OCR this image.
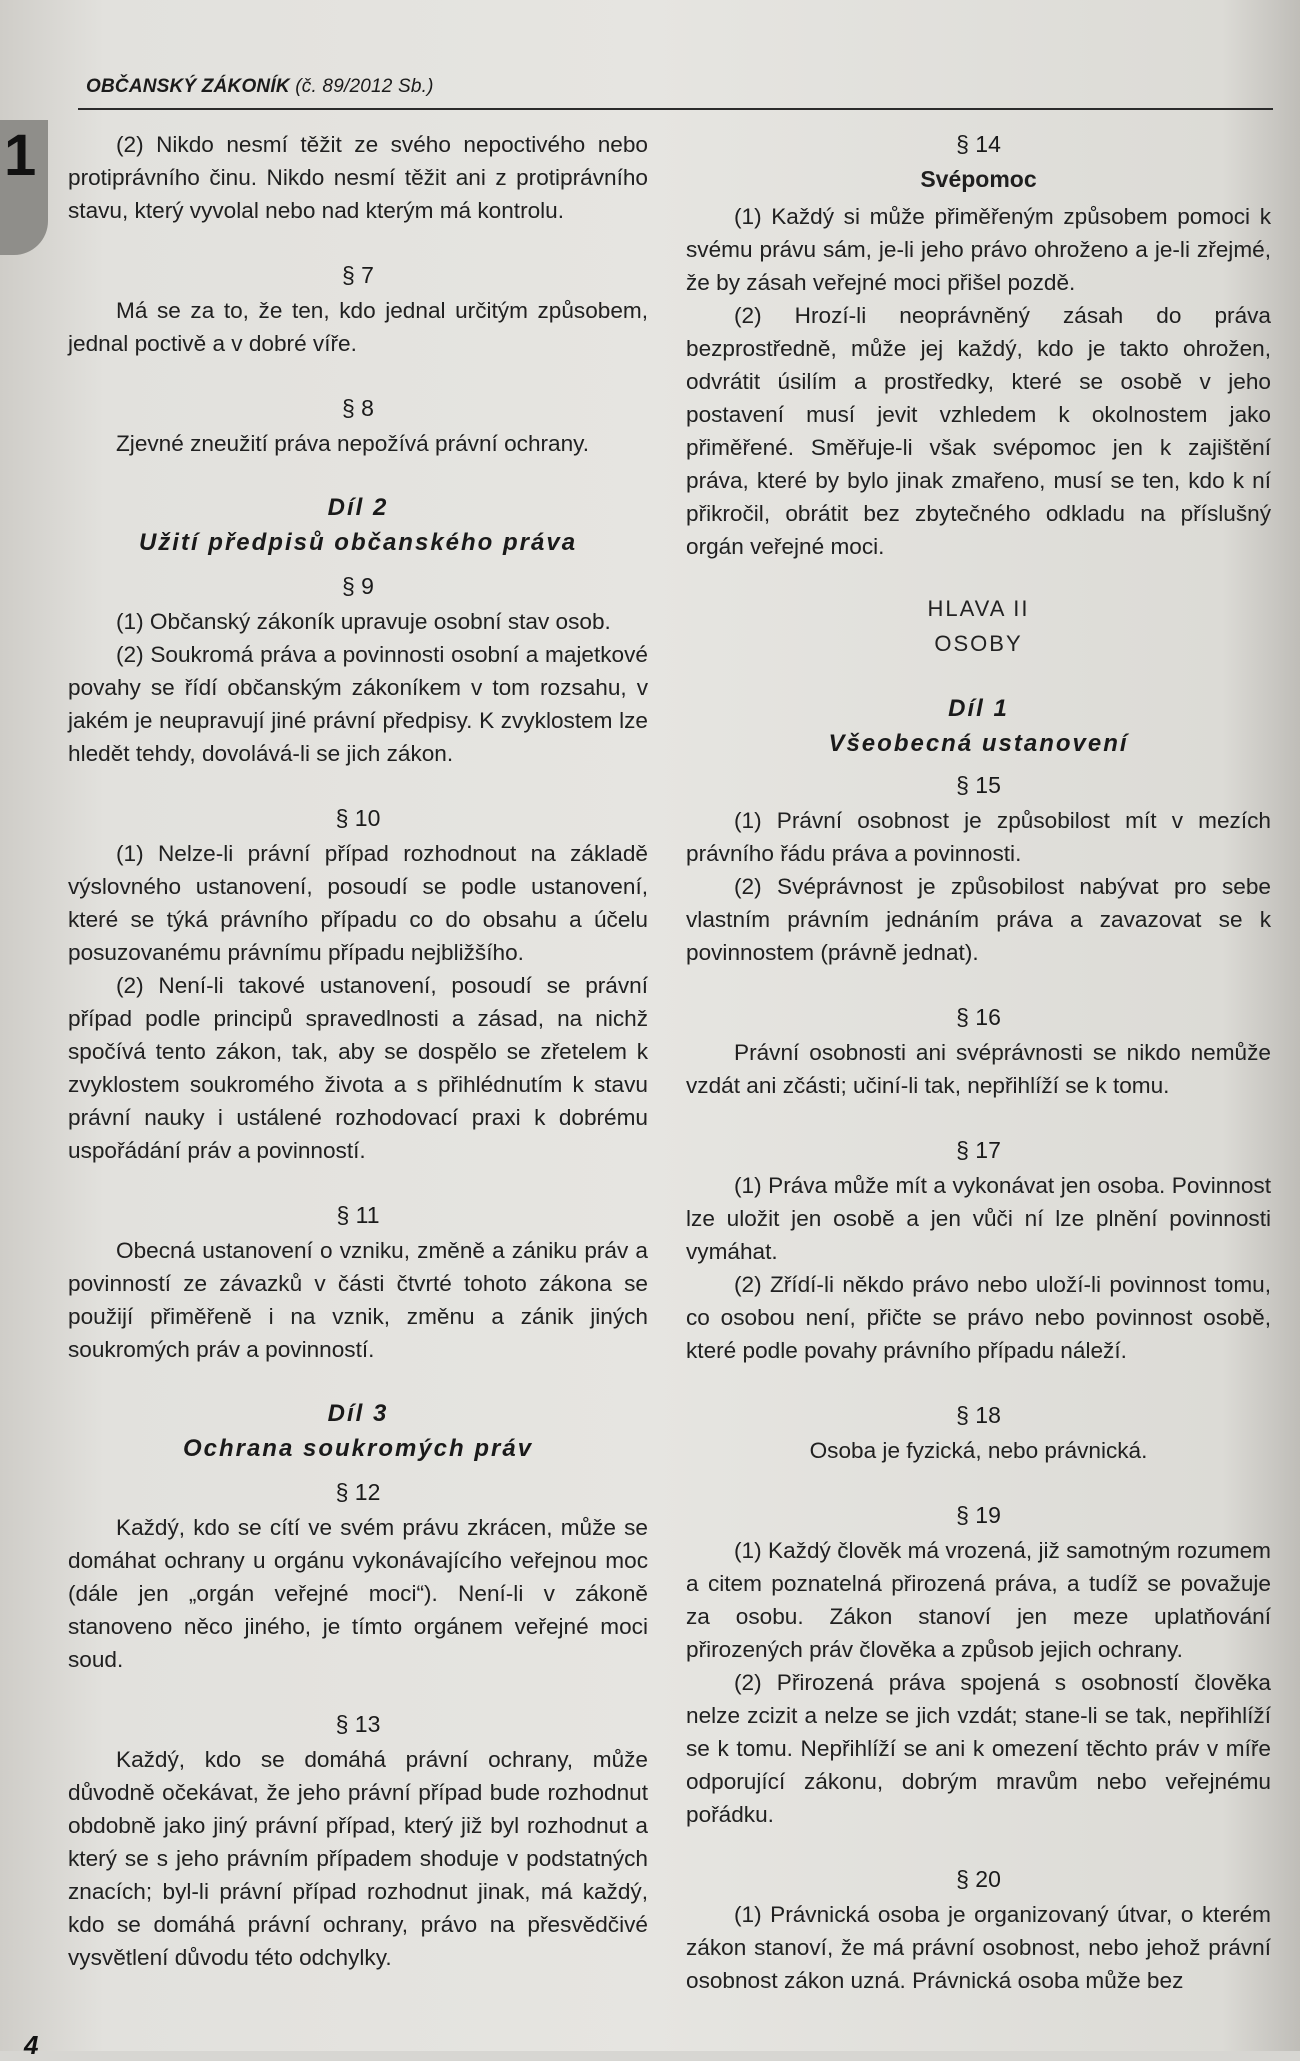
1
OBČANSKÝ ZÁKONÍK (č. 89/2012 Sb.)

(2) Nikdo nesmí těžit ze svého nepoctivého nebo protiprávního činu. Nikdo nesmí těžit ani z protiprávního stavu, který vyvolal nebo nad kterým má kontrolu.

§ 7

Má se za to, že ten, kdo jednal určitým způsobem, jednal poctivě a v dobré víře.

§ 8

Zjevné zneužití práva nepožívá právní ochrany.

Díl 2
Užití předpisů občanského práva
§ 9

(1) Občanský zákoník upravuje osobní stav osob.

(2) Soukromá práva a povinnosti osobní a majetkové povahy se řídí občanským zákoníkem v tom rozsahu, v jakém je neupravují jiné právní předpisy. K zvyklostem lze hledět tehdy, dovolává-li se jich zákon.

§ 10

(1) Nelze-li právní případ rozhodnout na základě výslovného ustanovení, posoudí se podle ustanovení, které se týká právního případu co do obsahu a účelu posuzovanému právnímu případu nejbližšího.

(2) Není-li takové ustanovení, posoudí se právní případ podle principů spravedlnosti a zásad, na nichž spočívá tento zákon, tak, aby se dospělo se zřetelem k zvyklostem soukromého života a s přihlédnutím k stavu právní nauky i ustálené rozhodovací praxi k dobrému uspořádání práv a povinností.

§ 11

Obecná ustanovení o vzniku, změně a zániku práv a povinností ze závazků v části čtvrté tohoto zákona se použijí přiměřeně i na vznik, změnu a zánik jiných soukromých práv a povinností.

Díl 3
Ochrana soukromých práv
§ 12

Každý, kdo se cítí ve svém právu zkrácen, může se domáhat ochrany u orgánu vykonávajícího veřejnou moc (dále jen „orgán veřejné moci“). Není-li v zákoně stanoveno něco jiného, je tímto orgánem veřejné moci soud.

§ 13

Každý, kdo se domáhá právní ochrany, může důvodně očekávat, že jeho právní případ bude rozhodnut obdobně jako jiný právní případ, který již byl rozhodnut a který se s jeho právním případem shoduje v podstatných znacích; byl-li právní případ rozhodnut jinak, má každý, kdo se domáhá právní ochrany, právo na přesvědčivé vysvětlení důvodu této odchylky.

§ 14
Svépomoc

(1) Každý si může přiměřeným způsobem pomoci k svému právu sám, je-li jeho právo ohroženo a je-li zřejmé, že by zásah veřejné moci přišel pozdě.

(2) Hrozí-li neoprávněný zásah do práva bezprostředně, může jej každý, kdo je takto ohrožen, odvrátit úsilím a prostředky, které se osobě v jeho postavení musí jevit vzhledem k okolnostem jako přiměřené. Směřuje-li však svépomoc jen k zajištění práva, které by bylo jinak zmařeno, musí se ten, kdo k ní přikročil, obrátit bez zbytečného odkladu na příslušný orgán veřejné moci.

HLAVA II
OSOBY
Díl 1
Všeobecná ustanovení
§ 15

(1) Právní osobnost je způsobilost mít v mezích právního řádu práva a povinnosti.

(2) Svéprávnost je způsobilost nabývat pro sebe vlastním právním jednáním práva a zavazovat se k povinnostem (právně jednat).

§ 16

Právní osobnosti ani svéprávnosti se nikdo nemůže vzdát ani zčásti; učiní-li tak, nepřihlíží se k tomu.

§ 17

(1) Práva může mít a vykonávat jen osoba. Povinnost lze uložit jen osobě a jen vůči ní lze plnění povinnosti vymáhat.

(2) Zřídí-li někdo právo nebo uloží-li povinnost tomu, co osobou není, přičte se právo nebo povinnost osobě, které podle povahy právního případu náleží.

§ 18

Osoba je fyzická, nebo právnická.

§ 19

(1) Každý člověk má vrozená, již samotným rozumem a citem poznatelná přirozená práva, a tudíž se považuje za osobu. Zákon stanoví jen meze uplatňování přirozených práv člověka a způsob jejich ochrany.

(2) Přirozená práva spojená s osobností člověka nelze zcizit a nelze se jich vzdát; stane-li se tak, nepřihlíží se k tomu. Nepřihlíží se ani k omezení těchto práv v míře odporující zákonu, dobrým mravům nebo veřejnému pořádku.

§ 20

(1) Právnická osoba je organizovaný útvar, o kterém zákon stanoví, že má právní osobnost, nebo jehož právní osobnost zákon uzná. Právnická osoba může bez

4
